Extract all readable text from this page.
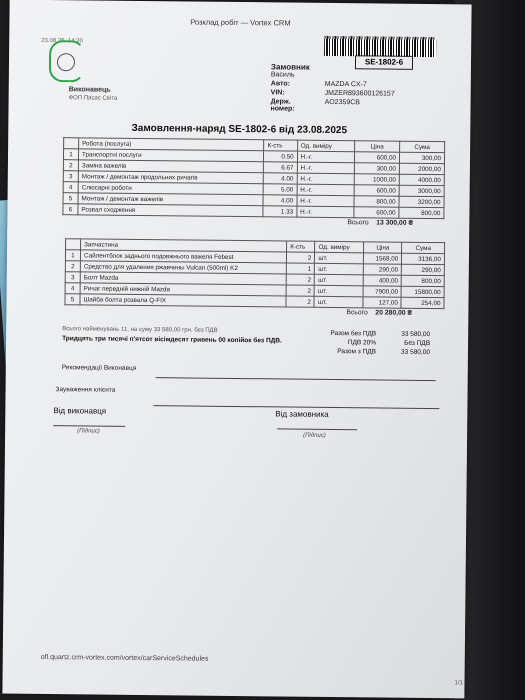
Розклад робіт — Vortex CRM
23.08.25, 14:30
SE-1802-6
Виконавець
ФОП Пасас Світа
Замовник
Василь
Авто:	MAZDA CX-7
VIN:	JMZER893600126157
Держ. номер:
AO2359CB
Замовлення-наряд SE-1802-6 від 23.08.2025
	Робота (послуга)	К-сть	Од. виміру	Ціна	Сума
1	Транспортні послуги	0.50	Н.-г.	600,00	300,00
2	Заміна важелів	6.67	Н.-г.	300,00	2000,00
3	Монтаж / демонтаж продольних ричагів	4.00	Н.-г.	1000,00	4000,00
4	Слюсарні роботи	5.00	Н.-г.	600,00	3000,00
5	Монтаж / демонтаж важелів	4.00	Н.-г.	800,00	3200,00
6	Розвал сходження	1.33	Н.-г.	600,00	800,00
Всього 13 300,00 ₴
	Запчастина	К-сть	Од. виміру	Ціна	Сума
1	Сайлентблок заднього подовжнього важеля Febest	2	шт.	1568,00	3136,00
2	Средство для удаления ржавчины Vulcan (500ml) K2	1	шт.	290,00	290,00
3	Болт Mazda	2	шт.	400,00	800,00
4	Ричаг передній нижній Mazda	2	шт.	7900,00	15800,00
5	Шайба болта розвала Q-FIX	2	шт.	127,00	254,00
Всього 20 280,00 ₴
Всього найменувань 11, на суму 33 580,00 грн. без ПДВ
Тридцять три тисячі п'ятсот вісімдесят гривень 00 копійок без ПДВ.
Разом без ПДВ	33 580,00
ПДВ 20%	Без ПДВ
Разом з ПДВ	33 580,00
Рекомендації Виконавця
Зауваження клієнта
Від виконавця
(Підпис)
Від замовника
(Підпис)
ofl.quartz.crm-vortex.com/vortex/carServiceSchedules
1/1
